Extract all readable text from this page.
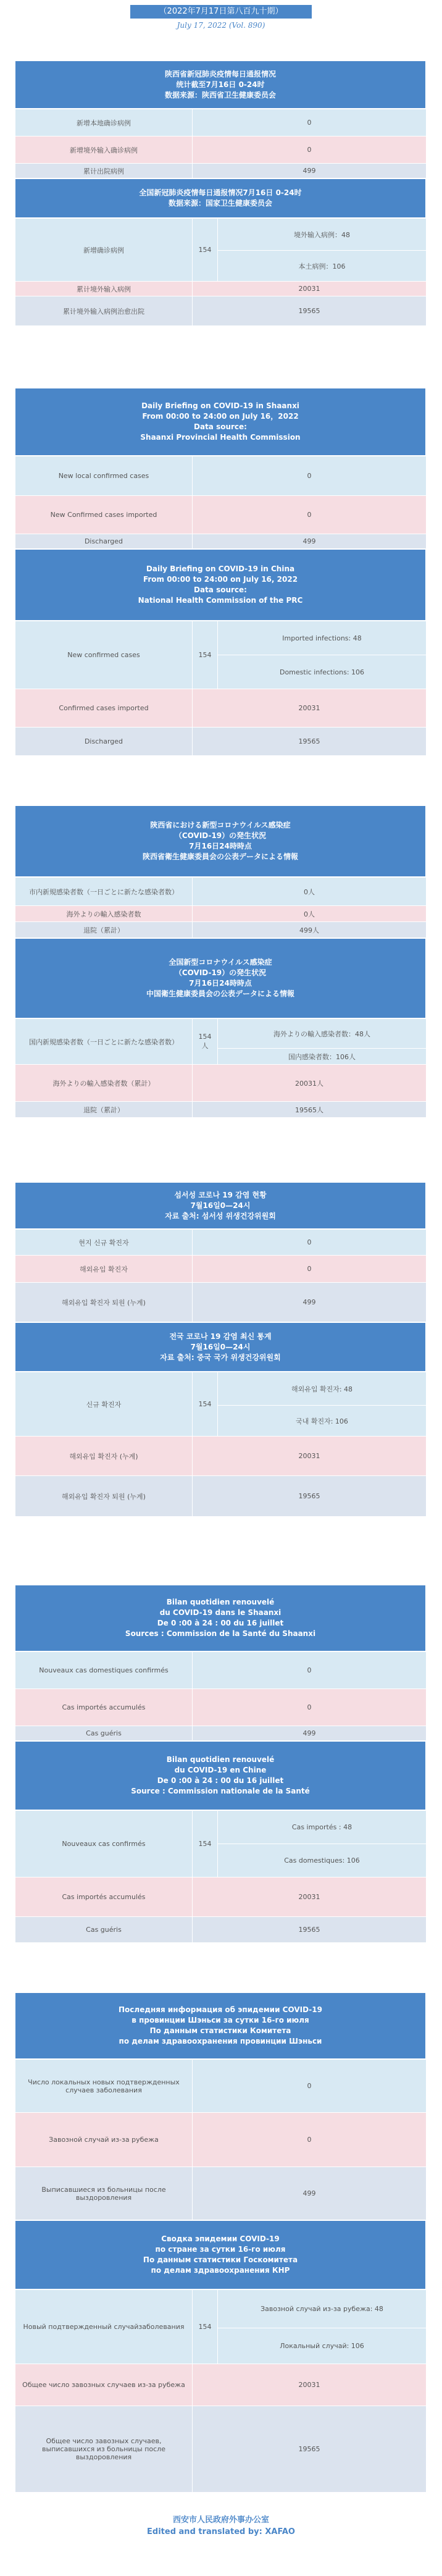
（2022年7月17日第八百九十期）
July 17, 2022 (Vol. 890)
陕西省新冠肺炎疫情每日通报情况
统计截至7月16日 0-24时
数据来源：陕西省卫生健康委员会
新增本地确诊病例	0
新增境外输入确诊病例	0
累计出院病例	499
全国新冠肺炎疫情每日通报情况7月16日 0-24时
数据来源：国家卫生健康委员会
新增确诊病例	154	境外输入病例：48
		本土病例：106
累计境外输入病例	20031	
累计境外输入病例治愈出院	19565	
Daily Briefing on COVID-19 in Shaanxi
From 00:00 to 24:00 on July 16，2022
Data source:
Shaanxi Provincial Health Commission
New local confirmed cases	0
New Confirmed cases imported	0
Discharged	499
Daily Briefing on COVID-19 in China
From 00:00 to 24:00 on July 16, 2022
Data source:
National Health Commission of the PRC
New confirmed cases	154	Imported infections: 48
		Domestic infections: 106
Confirmed cases imported	20031	
Discharged	19565	
陝西省における新型コロナウイルス感染症
（COVID-19）の発生状況
7月16日24時時点
陝西省衛生健康委員会の公表データによる情報
市内新規感染者数（一日ごとに新たな感染者数）	0人
海外よりの輸入感染者数	0人
退院（累計）	499人
全国新型コロナウイルス感染症
（COVID-19）の発生状況
7月16日24時時点
中国衛生健康委員会の公表データによる情報
国内新規感染者数（一日ごとに新たな感染者数）	154人	海外よりの輸入感染者数：48人
		国内感染者数：106人
海外よりの輸入感染者数（累計）	20031人	
退院（累計）	19565人	
섬서성 코로나 19 감염 현황
7월16일0—24시
자료 출처: 섬서성 위생건강위원회
현지 신규 확진자	0
해외유입 확진자	0
해외유입 확진자 퇴원 (누계)	499
전국 코로나 19 감염 최신 통계
7월16일0—24시
자료 출처: 중국 국가 위생건강위원회
신규 확진자	154	해외유입 확진자: 48
		국내 확진자: 106
해외유입 확진자 (누계)	20031	
해외유입 확진자 퇴원 (누계)	19565	
Bilan quotidien renouvelé
du COVID-19 dans le Shaanxi
De 0 :00 à 24 : 00 du 16 juillet
Sources : Commission de la Santé du Shaanxi
Nouveaux cas domestiques confirmés	0
Cas importés accumulés	0
Cas guéris	499
Bilan quotidien renouvelé
du COVID-19 en Chine
De 0 :00 à 24 : 00 du 16 juillet
Source : Commission nationale de la Santé
Nouveaux cas confirmés	154	Cas importés : 48
		Cas domestiques: 106
Cas importés accumulés	20031	
Cas guéris	19565	
Последняя информация об эпидемии COVID-19
в провинции Шэньси за сутки 16-го июля
По данным статистики Комитета
по делам здравоохранения провинции Шэньси
Число локальных новых подтвержденных случаев заболевания	0
Завозной случай из-за рубежа	0
Выписавшиеся из больницы после выздоровления	499
Сводка эпидемии COVID-19
по стране за сутки 16-го июля
По данным статистики Госкомитета
по делам здравоохранения КНР
Новый подтвержденный случайзаболевания	154	Завозной случай из-за рубежа: 48
		Локальный случай: 106
Общее число завозных случаев из-за рубежа	20031	
Общее число завозных случаев, выписавшихся из больницы после выздоровления	19565	
西安市人民政府外事办公室
Edited and translated by: XAFAO
